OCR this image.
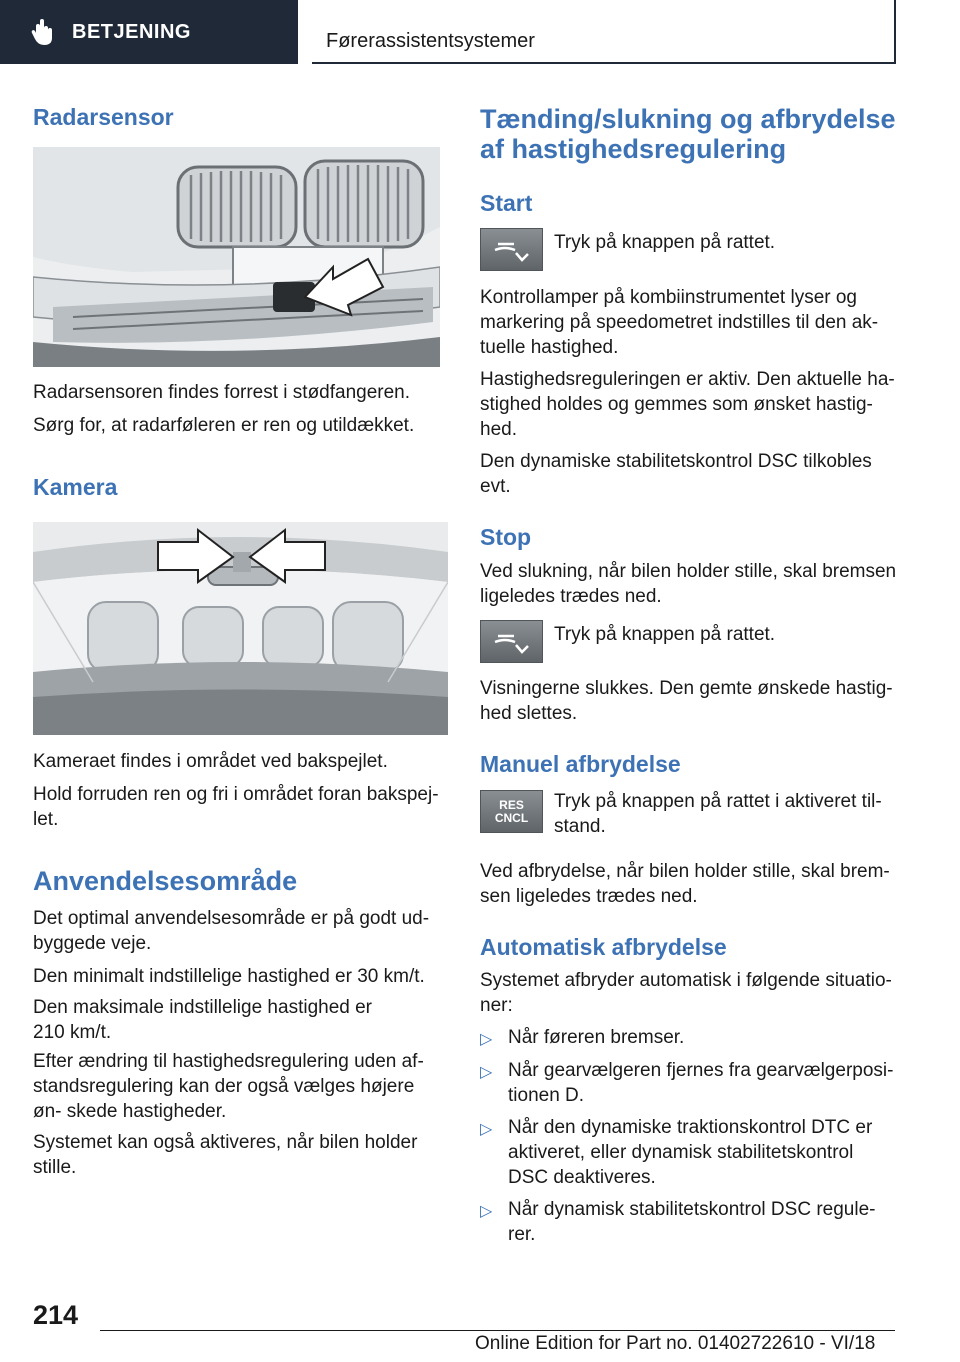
BETJENING	Førerassistentsystemer
Radarsensor

Radarsensoren findes forrest i stødfangeren.

Sørg for, at radarføleren er ren og utildækket.

Kamera

Kameraet findes i området ved bakspejlet.

Hold forruden ren og fri i området foran bakspej‐ let.

Anvendelsesområde

Det optimal anvendelsesområde er på godt ud‐ byggede veje.

Den minimalt indstillelige hastighed er 30 km/t.

Den maksimale indstillelige hastighed er 210 km/t.

Efter ændring til hastighedsregulering uden af‐ standsregulering kan der også vælges højere øn‐ skede hastigheder.

Systemet kan også aktiveres, når bilen holder stille.

Tænding/slukning og afbrydelse af hastighedsregulering
Start

Tryk på knappen på rattet.

Kontrollamper på kombiinstrumentet lyser og markering på speedometret indstilles til den ak‐ tuelle hastighed.

Hastighedsreguleringen er aktiv. Den aktuelle ha‐ stighed holdes og gemmes som ønsket hastig‐ hed.

Den dynamiske stabilitetskontrol DSC tilkobles evt.

Stop

Ved slukning, når bilen holder stille, skal bremsen ligeledes trædes ned.

Tryk på knappen på rattet.

Visningerne slukkes. Den gemte ønskede hastig‐ hed slettes.

Manuel afbrydelse
RES
CNCL

Tryk på knappen på rattet i aktiveret til‐ stand.

Ved afbrydelse, når bilen holder stille, skal brem‐ sen ligeledes trædes ned.

Automatisk afbrydelse

Systemet afbryder automatisk i følgende situatio‐ ner:

▷ Når føreren bremser.
▷ Når gearvælgeren fjernes fra gearvælgerposi‐ tionen D.
▷ Når den dynamiske traktionskontrol DTC er aktiveret, eller dynamisk stabilitetskontrol DSC deaktiveres.
▷ Når dynamisk stabilitetskontrol DSC regule‐ rer.
214
Online Edition for Part no. 01402722610 - VI/18
